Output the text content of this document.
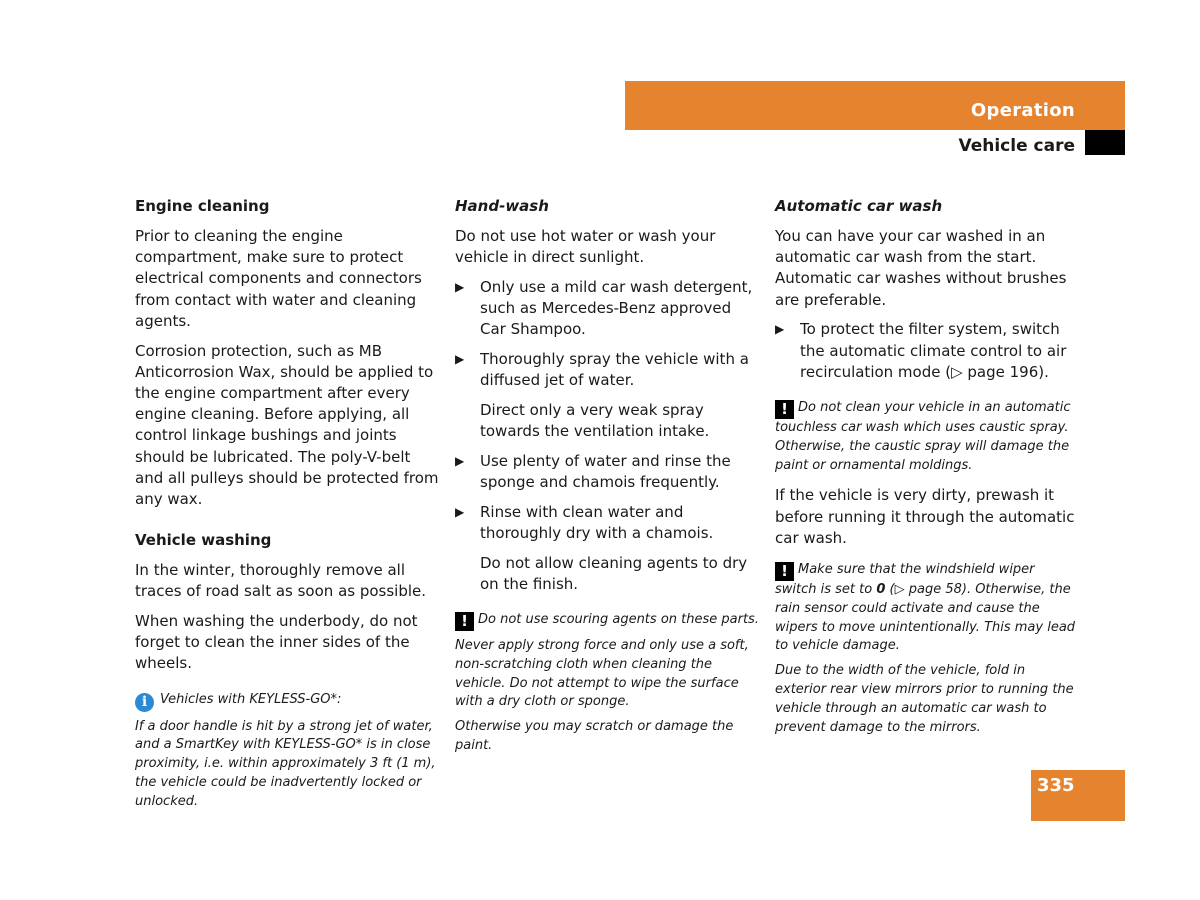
Operation
Vehicle care
Engine cleaning

Prior to cleaning the engine compartment, make sure to protect electrical components and connectors from contact with water and cleaning agents.

Corrosion protection, such as MB Anticorrosion Wax, should be applied to the engine compartment after every engine cleaning. Before applying, all control linkage bushings and joints should be lubricated. The poly-V-belt and all pulleys should be protected from any wax.

Vehicle washing

In the winter, thoroughly remove all traces of road salt as soon as possible.

When washing the underbody, do not forget to clean the inner sides of the wheels.

i Vehicles with KEYLESS-GO*:
If a door handle is hit by a strong jet of water, and a SmartKey with KEYLESS-GO* is in close proximity, i.e. within approximately 3 ft (1 m), the vehicle could be inadvertently locked or unlocked.
Hand-wash

Do not use hot water or wash your vehicle in direct sunlight.

▶ Only use a mild car wash detergent, such as Mercedes-Benz approved Car Shampoo.
▶ Thoroughly spray the vehicle with a diffused jet of water.

Direct only a very weak spray towards the ventilation intake.

▶ Use plenty of water and rinse the sponge and chamois frequently.
▶ Rinse with clean water and thoroughly dry with a chamois.

Do not allow cleaning agents to dry on the finish.

! Do not use scouring agents on these parts.
Never apply strong force and only use a soft, non-scratching cloth when cleaning the vehicle. Do not attempt to wipe the surface with a dry cloth or sponge.
Otherwise you may scratch or damage the paint.
Automatic car wash

You can have your car washed in an automatic car wash from the start. Automatic car washes without brushes are preferable.

▶ To protect the filter system, switch the automatic climate control to air recirculation mode (▷ page 196).
! Do not clean your vehicle in an automatic touchless car wash which uses caustic spray. Otherwise, the caustic spray will damage the paint or ornamental moldings.

If the vehicle is very dirty, prewash it before running it through the automatic car wash.

! Make sure that the windshield wiper switch is set to 0 (▷ page 58). Otherwise, the rain sensor could activate and cause the wipers to move unintentionally. This may lead to vehicle damage.
Due to the width of the vehicle, fold in exterior rear view mirrors prior to running the vehicle through an automatic car wash to prevent damage to the mirrors.
335
